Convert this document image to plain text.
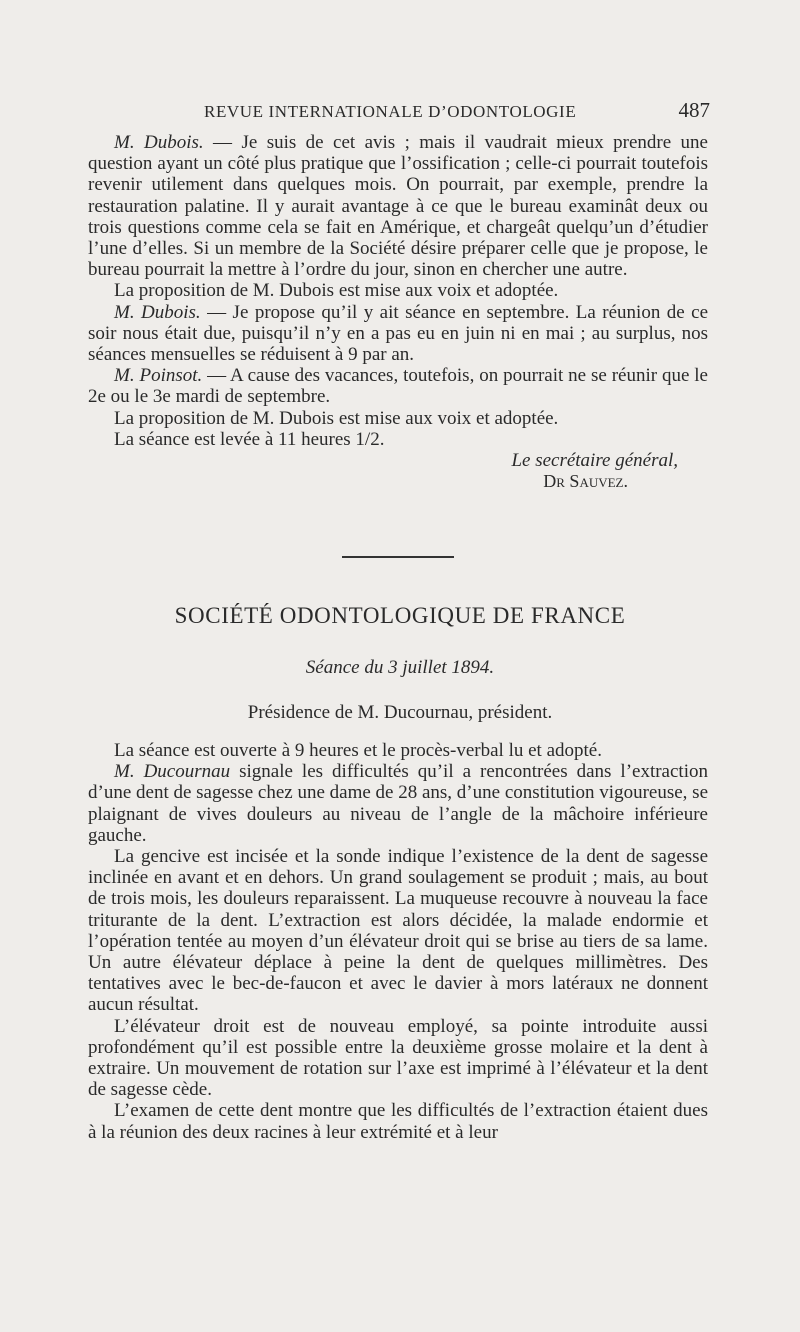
REVUE INTERNATIONALE D’ODONTOLOGIE	487

M. Dubois. — Je suis de cet avis ; mais il vaudrait mieux prendre une question ayant un côté plus pratique que l’ossification ; celle-ci pourrait toutefois revenir utilement dans quelques mois. On pourrait, par exemple, prendre la restauration palatine. Il y aurait avantage à ce que le bureau examinât deux ou trois questions comme cela se fait en Amérique, et chargeât quelqu’un d’étudier l’une d’elles. Si un membre de la Société désire préparer celle que je propose, le bureau pourrait la mettre à l’ordre du jour, sinon en chercher une autre.

La proposition de M. Dubois est mise aux voix et adoptée.

M. Dubois. — Je propose qu’il y ait séance en septembre. La réunion de ce soir nous était due, puisqu’il n’y en a pas eu en juin ni en mai ; au surplus, nos séances mensuelles se réduisent à 9 par an.

M. Poinsot. — A cause des vacances, toutefois, on pourrait ne se réunir que le 2e ou le 3e mardi de septembre.

La proposition de M. Dubois est mise aux voix et adoptée.

La séance est levée à 11 heures 1/2.

Le secrétaire général,

Dr Sauvez.

SOCIÉTÉ ODONTOLOGIQUE DE FRANCE
Séance du 3 juillet 1894.
Présidence de M. Ducournau, président.

La séance est ouverte à 9 heures et le procès-verbal lu et adopté.

M. Ducournau signale les difficultés qu’il a rencontrées dans l’extraction d’une dent de sagesse chez une dame de 28 ans, d’une constitution vigoureuse, se plaignant de vives douleurs au niveau de l’angle de la mâchoire inférieure gauche.

La gencive est incisée et la sonde indique l’existence de la dent de sagesse inclinée en avant et en dehors. Un grand soulagement se produit ; mais, au bout de trois mois, les douleurs reparaissent. La muqueuse recouvre à nouveau la face triturante de la dent. L’extraction est alors décidée, la malade endormie et l’opération tentée au moyen d’un élévateur droit qui se brise au tiers de sa lame. Un autre élévateur déplace à peine la dent de quelques millimètres. Des tentatives avec le bec-de-faucon et avec le davier à mors latéraux ne donnent aucun résultat.

L’élévateur droit est de nouveau employé, sa pointe introduite aussi profondément qu’il est possible entre la deuxième grosse molaire et la dent à extraire. Un mouvement de rotation sur l’axe est imprimé à l’élévateur et la dent de sagesse cède.

L’examen de cette dent montre que les difficultés de l’extraction étaient dues à la réunion des deux racines à leur extrémité et à leur
